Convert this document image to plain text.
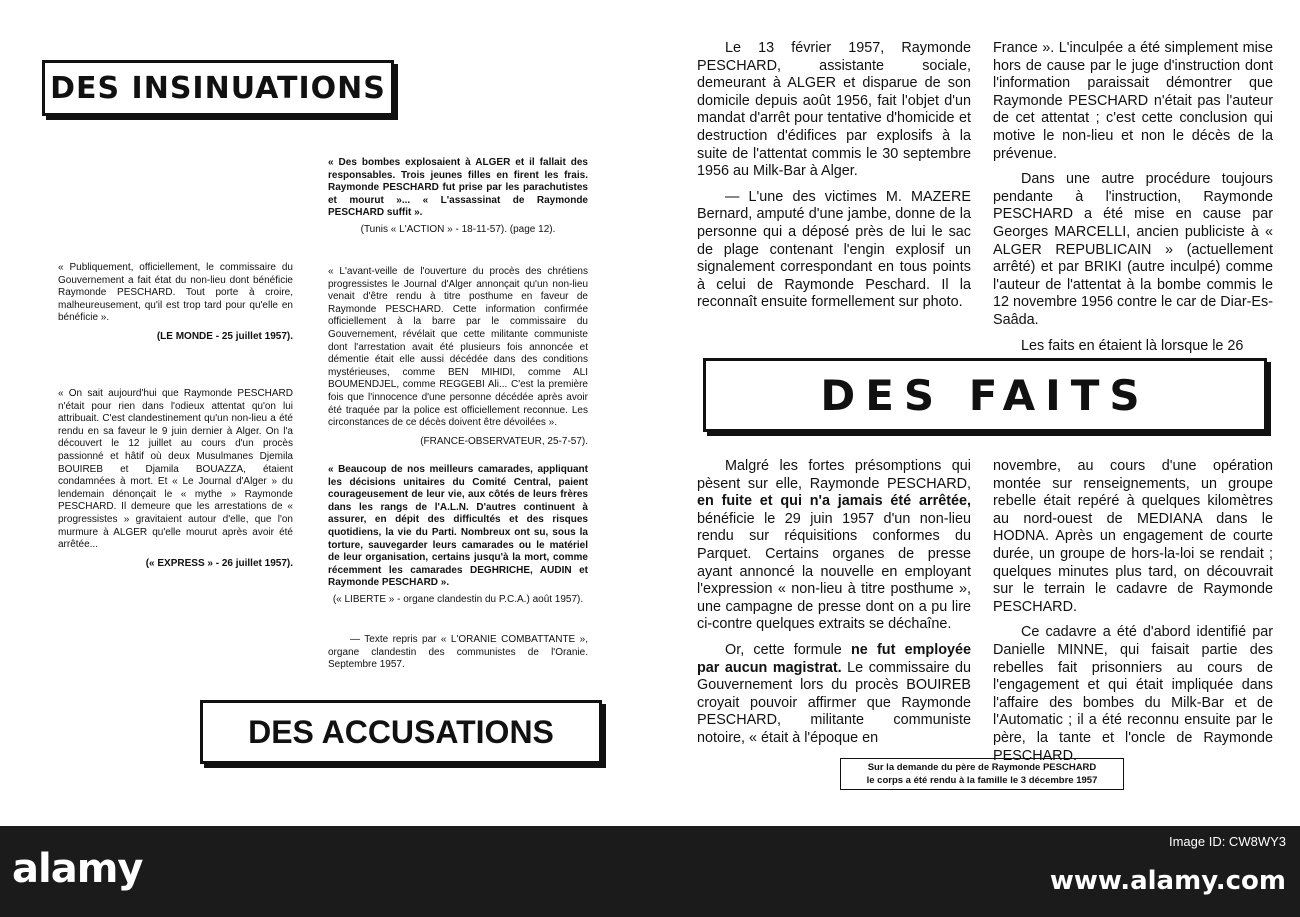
DES INSINUATIONS
« Des bombes explosaient à ALGER et il fallait des responsables. Trois jeunes filles en firent les frais. Raymonde PESCHARD fut prise par les parachutistes et mourut »... « L'assassinat de Raymonde PESCHARD suffit ».
(Tunis « L'ACTION » - 18-11-57). (page 12).
« Publiquement, officiellement, le commissaire du Gouvernement a fait état du non-lieu dont bénéficie Raymonde PESCHARD. Tout porte à croire, malheureusement, qu'il est trop tard pour qu'elle en bénéficie ».
(LE MONDE - 25 juillet 1957).
« L'avant-veille de l'ouverture du procès des chrétiens progressistes le Journal d'Alger annonçait qu'un non-lieu venait d'être rendu à titre posthume en faveur de Raymonde PESCHARD. Cette information confirmée officiellement à la barre par le commissaire du Gouvernement, révélait que cette militante communiste dont l'arrestation avait été plusieurs fois annoncée et démentie était elle aussi décédée dans des conditions mystérieuses, comme BEN MIHIDI, comme ALI BOUMENDJEL, comme REGGEBI Ali... C'est la première fois que l'innocence d'une personne décédée après avoir été traquée par la police est officiellement reconnue. Les circonstances de ce décès doivent être dévoilées ».
(FRANCE-OBSERVATEUR, 25-7-57).
« On sait aujourd'hui que Raymonde PESCHARD n'était pour rien dans l'odieux attentat qu'on lui attribuait. C'est clandestinement qu'un non-lieu a été rendu en sa faveur le 9 juin dernier à Alger. On l'a découvert le 12 juillet au cours d'un procès passionné et hâtif où deux Musulmanes Djemila BOUIREB et Djamila BOUAZZA, étaient condamnées à mort. Et « Le Journal d'Alger » du lendemain dénonçait le « mythe » Raymonde PESCHARD. Il demeure que les arrestations de « progressistes » gravitaient autour d'elle, que l'on murmure à ALGER qu'elle mourut après avoir été arrêtée...
(« EXPRESS » - 26 juillet 1957).
« Beaucoup de nos meilleurs camarades, appliquant les décisions unitaires du Comité Central, paient courageusement de leur vie, aux côtés de leurs frères dans les rangs de l'A.L.N. D'autres continuent à assurer, en dépit des difficultés et des risques quotidiens, la vie du Parti. Nombreux ont su, sous la torture, sauvegarder leurs camarades ou le matériel de leur organisation, certains jusqu'à la mort, comme récemment les camarades DEGHRICHE, AUDIN et Raymonde PESCHARD ».
(« LIBERTE » - organe clandestin du P.C.A.) août 1957).
— Texte repris par « L'ORANIE COMBATTANTE », organe clandestin des communistes de l'Oranie. Septembre 1957.
DES ACCUSATIONS

Le 13 février 1957, Raymonde PESCHARD, assistante sociale, demeurant à ALGER et disparue de son domicile depuis août 1956, fait l'objet d'un mandat d'arrêt pour tentative d'homicide et destruction d'édifices par explosifs à la suite de l'attentat commis le 30 septembre 1956 au Milk-Bar à Alger.

— L'une des victimes M. MAZERE Bernard, amputé d'une jambe, donne de la personne qui a déposé près de lui le sac de plage contenant l'engin explosif un signalement correspondant en tous points à celui de Raymonde Peschard. Il la reconnaît ensuite formellement sur photo.

France ». L'inculpée a été simplement mise hors de cause par le juge d'instruction dont l'information paraissait démontrer que Raymonde PESCHARD n'était pas l'auteur de cet attentat ; c'est cette conclusion qui motive le non-lieu et non le décès de la prévenue.

Dans une autre procédure toujours pendante à l'instruction, Raymonde PESCHARD a été mise en cause par Georges MARCELLI, ancien publiciste à « ALGER REPUBLICAIN » (actuellement arrêté) et par BRIKI (autre inculpé) comme l'auteur de l'attentat à la bombe commis le 12 novembre 1956 contre le car de Diar-Es-Saâda.

Les faits en étaient là lorsque le 26

DES FAITS

Malgré les fortes présomptions qui pèsent sur elle, Raymonde PESCHARD, en fuite et qui n'a jamais été arrêtée, bénéficie le 29 juin 1957 d'un non-lieu rendu sur réquisitions conformes du Parquet. Certains organes de presse ayant annoncé la nouvelle en employant l'expression « non-lieu à titre posthume », une campagne de presse dont on a pu lire ci-contre quelques extraits se déchaîne.

Or, cette formule ne fut employée par aucun magistrat. Le commissaire du Gouvernement lors du procès BOUIREB croyait pouvoir affirmer que Raymonde PESCHARD, militante communiste notoire, « était à l'époque en

novembre, au cours d'une opération montée sur renseignements, un groupe rebelle était repéré à quelques kilomètres au nord-ouest de MEDIANA dans le HODNA. Après un engagement de courte durée, un groupe de hors-la-loi se rendait ; quelques minutes plus tard, on découvrait sur le terrain le cadavre de Raymonde PESCHARD.

Ce cadavre a été d'abord identifié par Danielle MINNE, qui faisait partie des rebelles fait prisonniers au cours de l'engagement et qui était impliquée dans l'affaire des bombes du Milk-Bar et de l'Automatic ; il a été reconnu ensuite par le père, la tante et l'oncle de Raymonde PESCHARD.

Sur la demande du père de Raymonde PESCHARD
le corps a été rendu à la famille le 3 décembre 1957
alamy
Image ID: CW8WY3
www.alamy.com
